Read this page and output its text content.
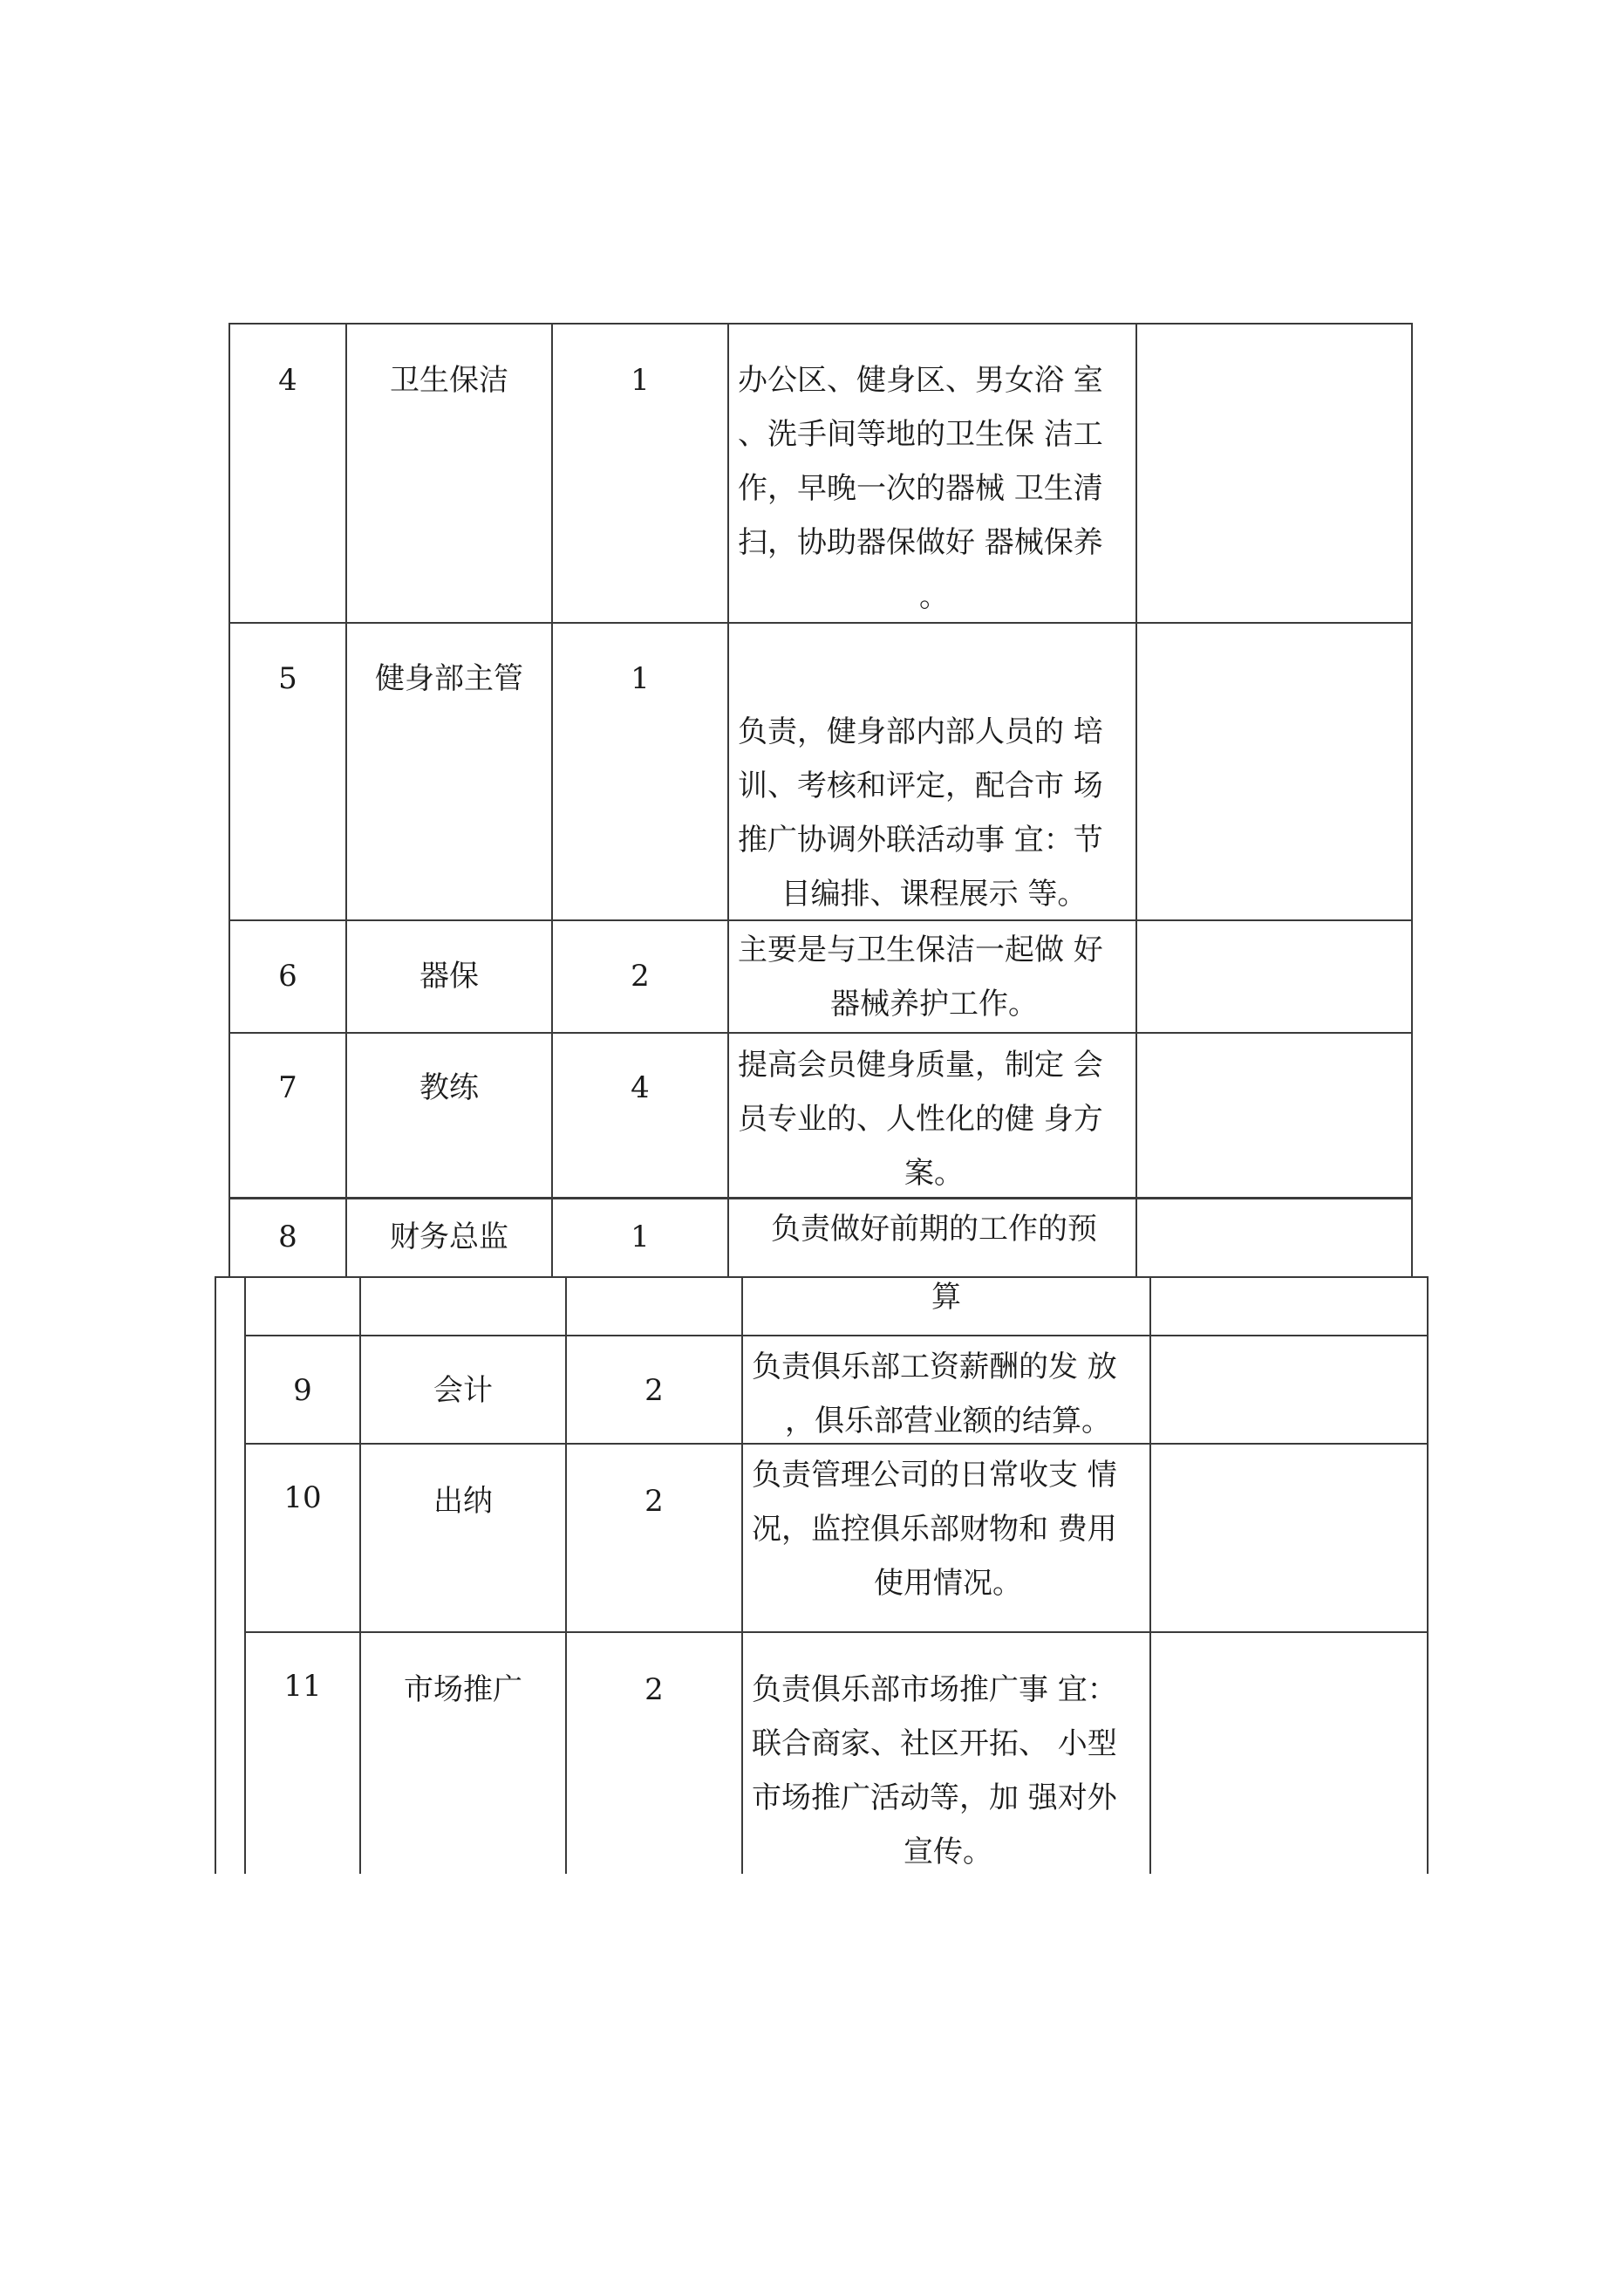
4	卫生保洁	1	办公区、健身区、男女浴 室
、洗手间等地的卫生保 洁工
作，早晚一次的器械 卫生清
扫，协助器保做好 器械保养
。
5	健身部主管	1
负责，健身部内部人员的 培
训、考核和评定，配合市 场
推广协调外联活动事 宜：节
目编排、课程展示 等。
6	器保	2
主要是与卫生保洁一起做 好
器械养护工作。
7	教练	4
提高会员健身质量，制定 会
员专业的、人性化的健 身方
案。
8	财务总监	1	负责做好前期的工作的预
算
9	会计	2
负责俱乐部工资薪酬的发 放
，俱乐部营业额的结算。
10	出纳	2
负责管理公司的日常收支 情
况，监控俱乐部财物和 费用
使用情况。
11	市场推广	2	负责俱乐部市场推广事 宜：
联合商家、社区开拓、 小型
市场推广活动等，加 强对外
宣传。
